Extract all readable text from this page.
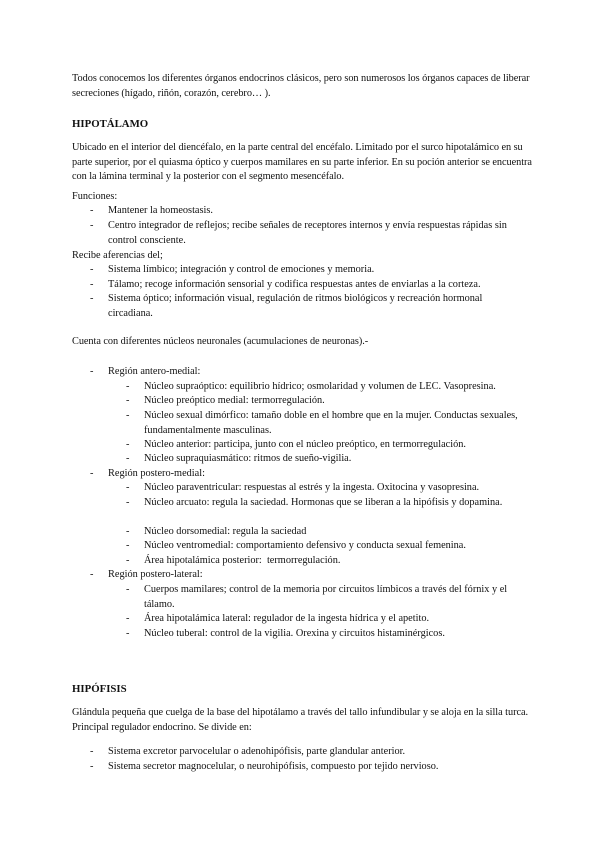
Todos conocemos los diferentes órganos endocrinos clásicos, pero son numerosos los órganos capaces de liberar secreciones (hígado, riñón, corazón, cerebro… ).
HIPOTÁLAMO
Ubicado en el interior del diencéfalo, en la parte central del encéfalo. Limitado por el surco hipotalámico en su parte superior, por el quiasma óptico y cuerpos mamilares en su parte inferior. En su poción anterior se encuentra con la lámina terminal y la posterior con el segmento mesencéfalo.
Funciones:
- Mantener la homeostasis.
- Centro integrador de reflejos; recibe señales de receptores internos y envía respuestas rápidas sin control consciente.
Recibe aferencias del;
- Sistema límbico; integración y control de emociones y memoria.
- Tálamo; recoge información sensorial y codifica respuestas antes de enviarlas a la corteza.
- Sistema óptico; información visual, regulación de ritmos biológicos y recreación hormonal circadiana.
Cuenta con diferentes núcleos neuronales (acumulaciones de neuronas).-
- Región antero-medial:
- Núcleo supraóptico: equilibrio hídrico; osmolaridad y volumen de LEC. Vasopresina.
- Núcleo preóptico medial: termorregulación.
- Núcleo sexual dimórfico: tamaño doble en el hombre que en la mujer. Conductas sexuales, fundamentalmente masculinas.
- Núcleo anterior: participa, junto con el núcleo preóptico, en termorregulación.
- Núcleo supraquiasmático: ritmos de sueño-vigilia.
- Región postero-medial:
- Núcleo paraventricular: respuestas al estrés y la ingesta. Oxitocina y vasopresina.
- Núcleo arcuato: regula la saciedad. Hormonas que se liberan a la hipófisis y dopamina.
- Núcleo dorsomedial: regula la saciedad
- Núcleo ventromedial: comportamiento defensivo y conducta sexual femenina.
- Área hipotalámica posterior:  termorregulación.
- Región postero-lateral:
- Cuerpos mamilares; control de la memoria por circuitos límbicos a través del fórnix y el tálamo.
- Área hipotalámica lateral: regulador de la ingesta hídrica y el apetito.
- Núcleo tuberal: control de la vigilia. Orexina y circuitos histaminérgicos.
HIPÓFISIS
Glándula pequeña que cuelga de la base del hipotálamo a través del tallo infundibular y se aloja en la silla turca. Principal regulador endocrino. Se divide en:
- Sistema excretor parvocelular o adenohipófisis, parte glandular anterior.
- Sistema secretor magnocelular, o neurohipófisis, compuesto por tejido nervioso.
